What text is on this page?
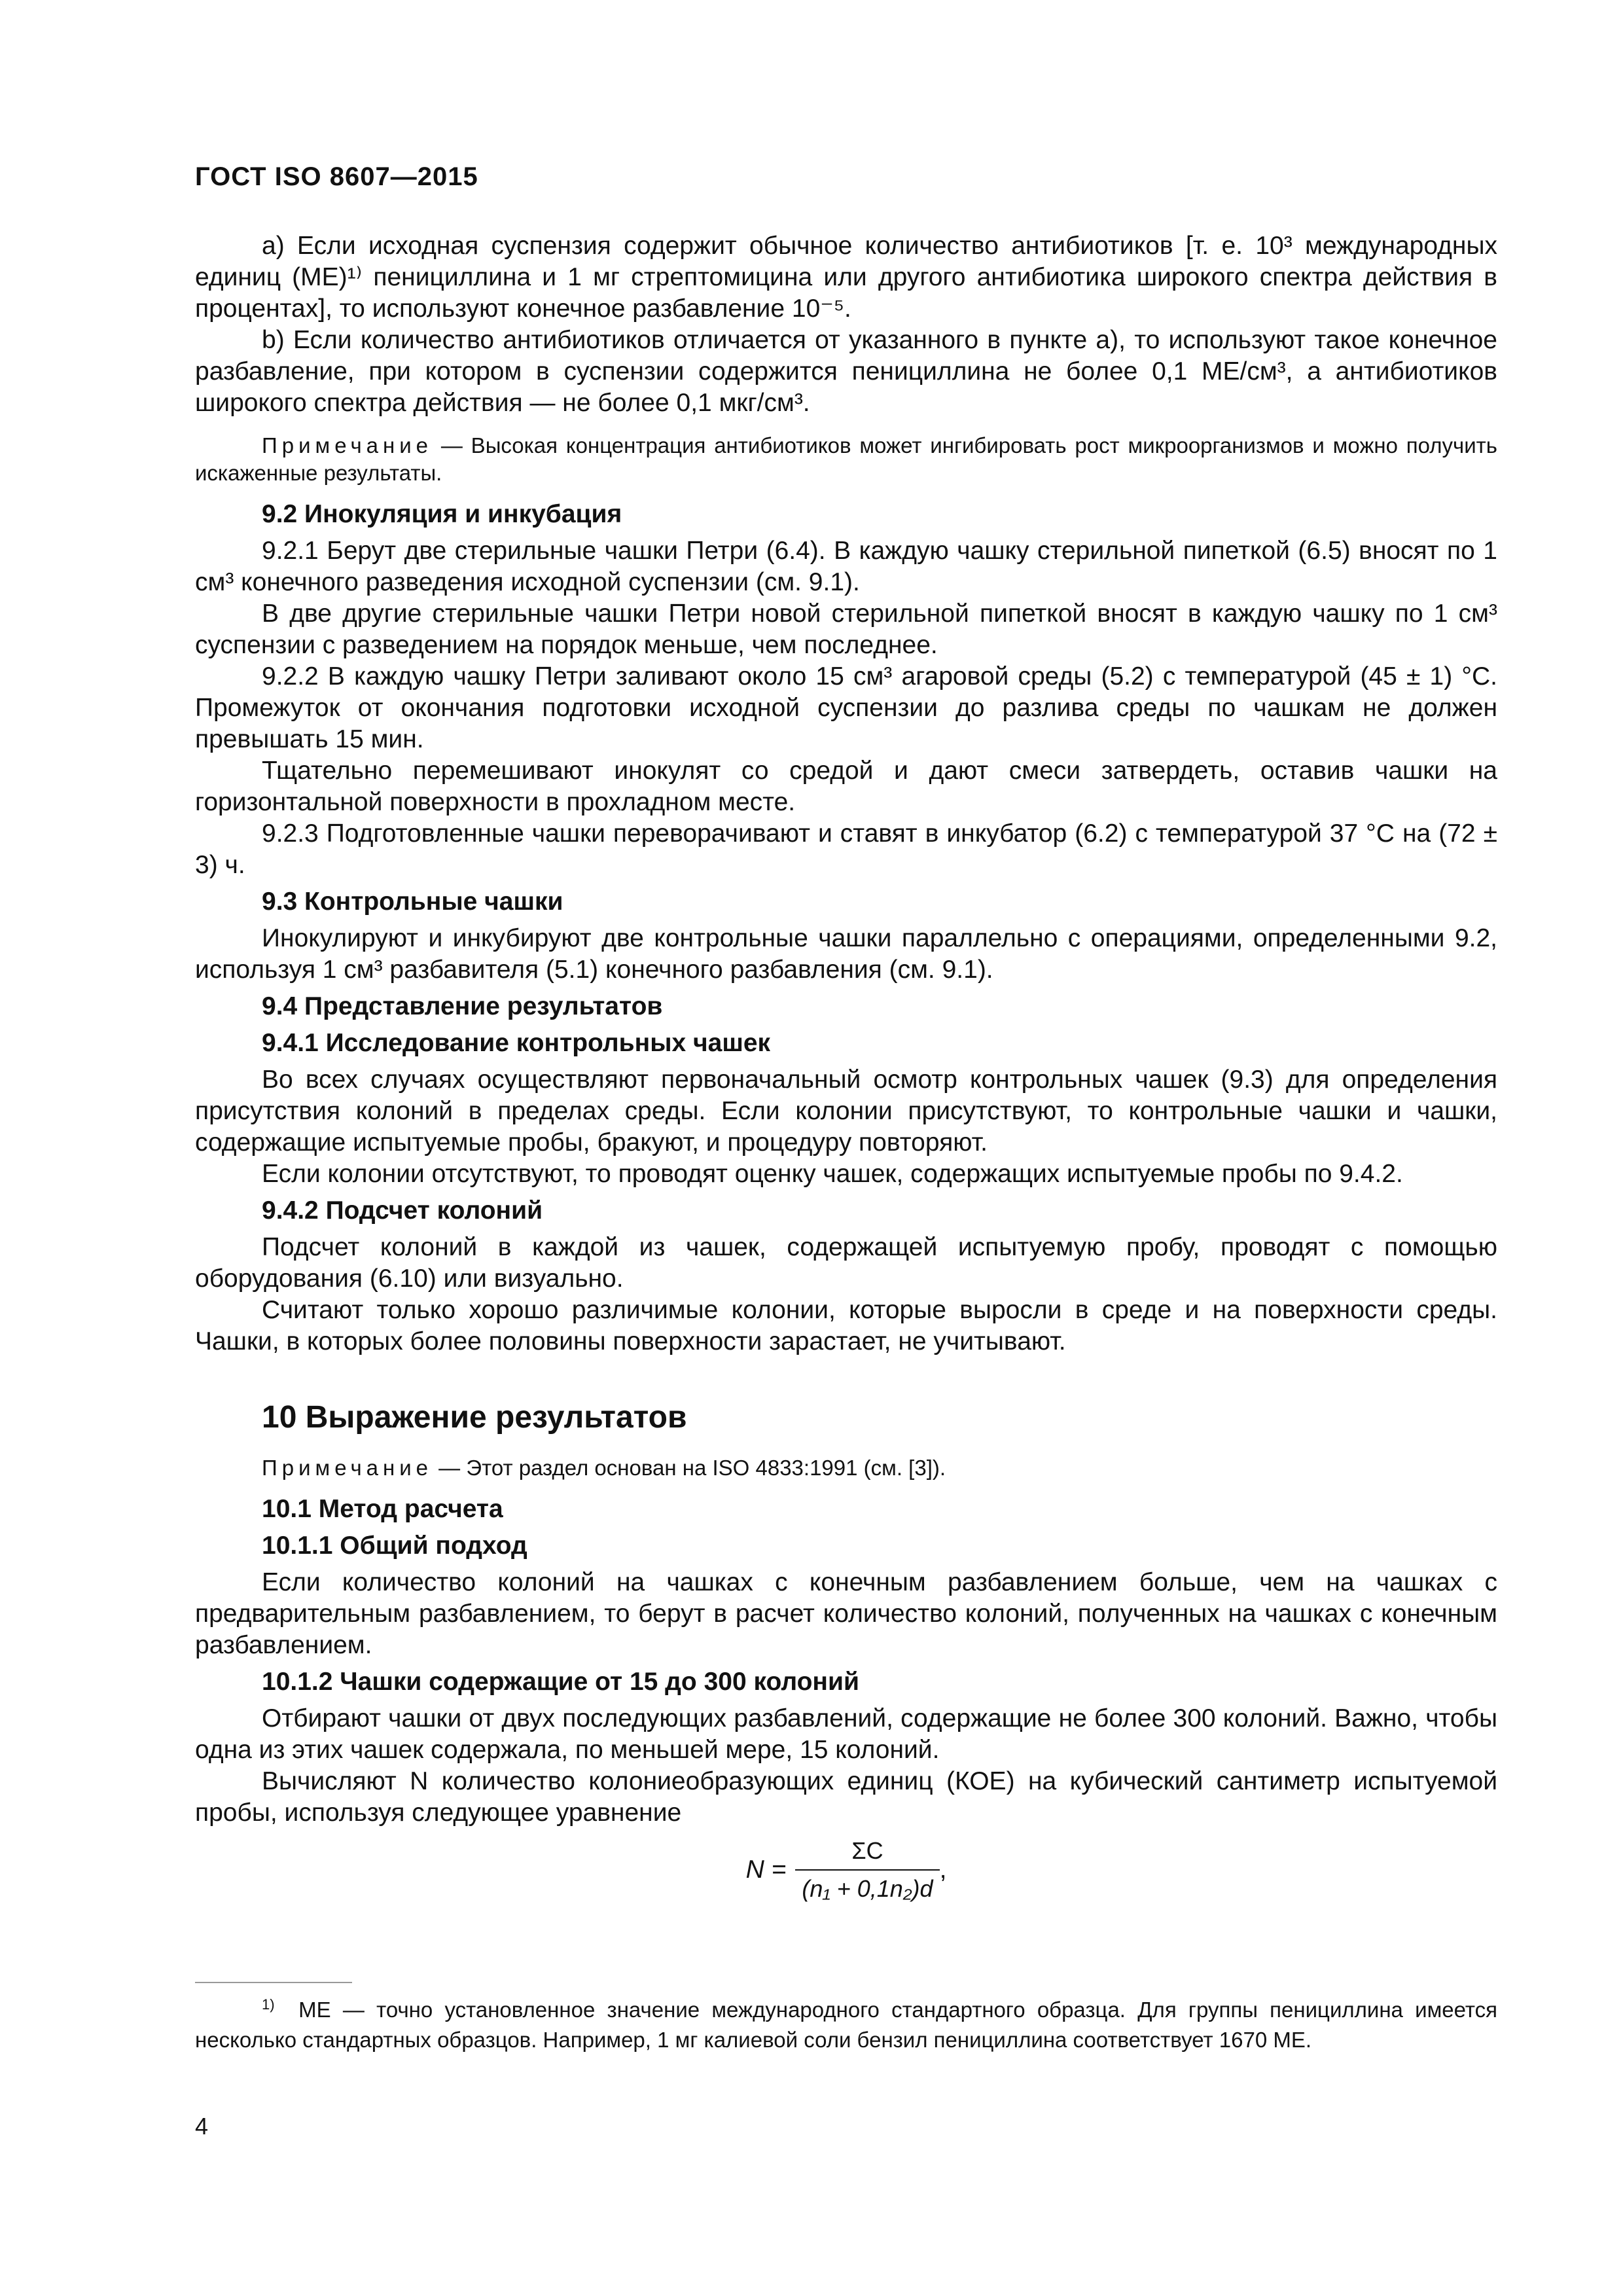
ГОСТ ISO 8607—2015

a) Если исходная суспензия содержит обычное количество антибиотиков [т. е. 10³ международных единиц (МЕ)¹⁾ пенициллина и 1 мг стрептомицина или другого антибиотика широкого спектра действия в процентах], то используют конечное разбавление 10⁻⁵.

b) Если количество антибиотиков отличается от указанного в пункте а), то используют такое конечное разбавление, при котором в суспензии содержится пенициллина не более 0,1 МЕ/см³, а антибиотиков широкого спектра действия — не более 0,1 мкг/см³.

Примечание — Высокая концентрация антибиотиков может ингибировать рост микроорганизмов и можно получить искаженные результаты.

9.2 Инокуляция и инкубация

9.2.1 Берут две стерильные чашки Петри (6.4). В каждую чашку стерильной пипеткой (6.5) вносят по 1 см³ конечного разведения исходной суспензии (см. 9.1).

В две другие стерильные чашки Петри новой стерильной пипеткой вносят в каждую чашку по 1 см³ суспензии с разведением на порядок меньше, чем последнее.

9.2.2 В каждую чашку Петри заливают около 15 см³ агаровой среды (5.2) с температурой (45 ± 1) °С. Промежуток от окончания подготовки исходной суспензии до разлива среды по чашкам не должен превышать 15 мин.

Тщательно перемешивают инокулят со средой и дают смеси затвердеть, оставив чашки на горизонтальной поверхности в прохладном месте.

9.2.3 Подготовленные чашки переворачивают и ставят в инкубатор (6.2) с температурой 37 °С на (72 ± 3) ч.

9.3 Контрольные чашки

Инокулируют и инкубируют две контрольные чашки параллельно с операциями, определенными 9.2, используя 1 см³ разбавителя (5.1) конечного разбавления (см. 9.1).

9.4 Представление результатов

9.4.1 Исследование контрольных чашек

Во всех случаях осуществляют первоначальный осмотр контрольных чашек (9.3) для определения присутствия колоний в пределах среды. Если колонии присутствуют, то контрольные чашки и чашки, содержащие испытуемые пробы, бракуют, и процедуру повторяют.

Если колонии отсутствуют, то проводят оценку чашек, содержащих испытуемые пробы по 9.4.2.

9.4.2 Подсчет колоний

Подсчет колоний в каждой из чашек, содержащей испытуемую пробу, проводят с помощью оборудования (6.10) или визуально.

Считают только хорошо различимые колонии, которые выросли в среде и на поверхности среды. Чашки, в которых более половины поверхности зарастает, не учитывают.

10 Выражение результатов

Примечание — Этот раздел основан на ISO 4833:1991 (см. [3]).

10.1 Метод расчета

10.1.1 Общий подход

Если количество колоний на чашках с конечным разбавлением больше, чем на чашках с предварительным разбавлением, то берут в расчет количество колоний, полученных на чашках с конечным разбавлением.

10.1.2 Чашки содержащие от 15 до 300 колоний

Отбирают чашки от двух последующих разбавлений, содержащие не более 300 колоний. Важно, чтобы одна из этих чашек содержала, по меньшей мере, 15 колоний.

Вычисляют N количество колониеобразующих единиц (КОЕ) на кубический сантиметр испытуемой пробы, используя следующее уравнение

$N = \frac{\Sigma C}{\text{(n₁ + 0,1n₂)d}}$ ,
$^{1)}$ МЕ — точно установленное значение международного стандартного образца. Для группы пенициллина имеется несколько стандартных образцов. Например, 1 мг калиевой соли бензил пенициллина соответствует 1670 МЕ.
4
